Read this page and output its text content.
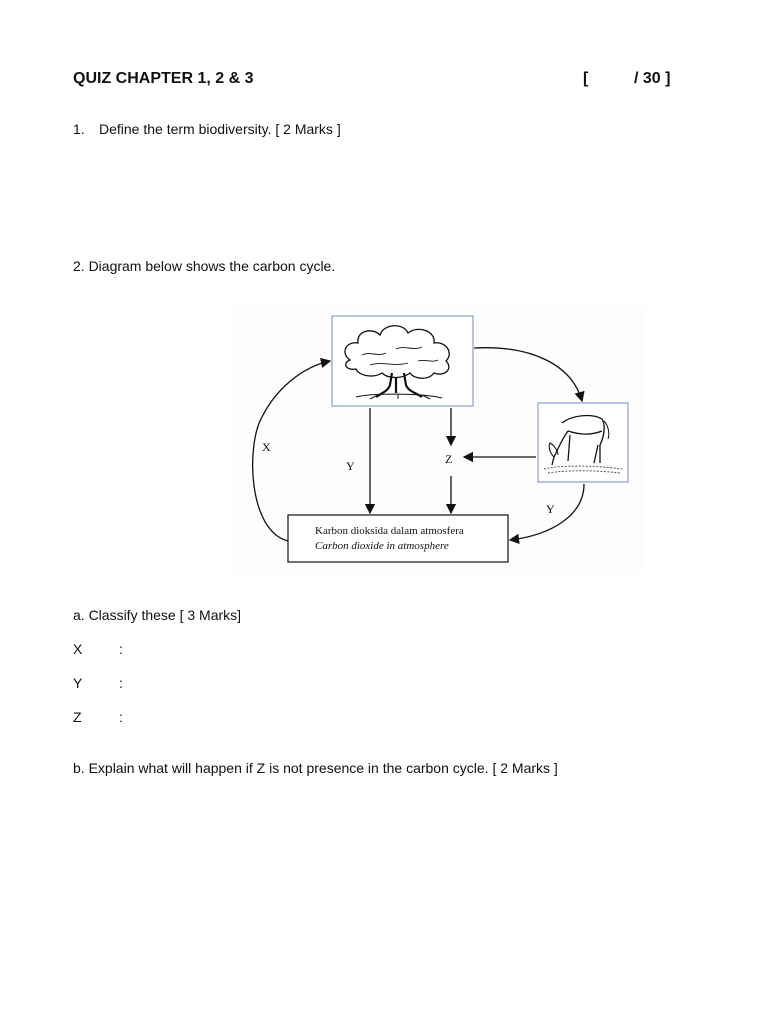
QUIZ CHAPTER 1, 2 & 3	[	/ 30 ]
1. Define the term biodiversity. [ 2 Marks ]
2. Diagram below shows the carbon cycle.
Karbon dioksida dalam atmosfera
Carbon dioxide in atmosphere
X
Y	Z
Y
a. Classify these [ 3 Marks]
X	:
Y	:
Z	:
b. Explain what will happen if Z is not presence in the carbon cycle. [ 2 Marks ]
